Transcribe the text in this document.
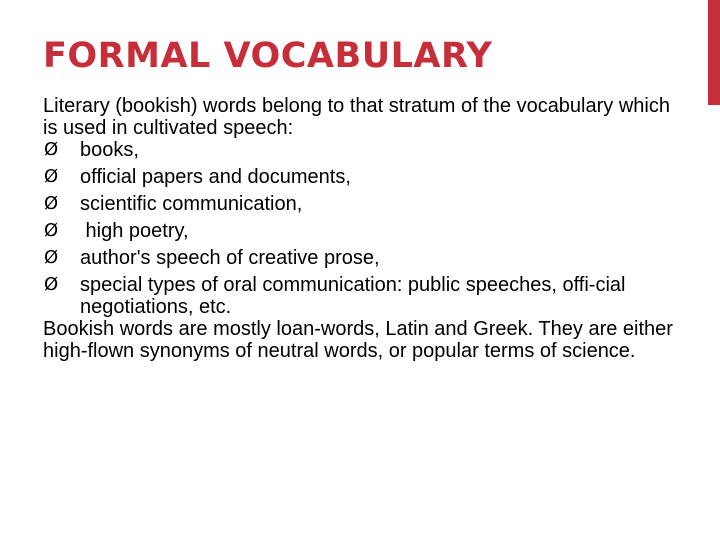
FORMAL VOCABULARY

Literary (bookish) words belong to that stratum of the vocabulary which is used in cultivated speech:

Ø books,
Ø official papers and documents,
Ø scientific communication,
Ø high poetry,
Ø author's speech of creative prose,
Ø special types of oral communication: public speeches, offi-cial negotiations, etc.

Bookish words are mostly loan-words, Latin and Greek. They are either high-flown synonyms of neutral words, or popular terms of science.
